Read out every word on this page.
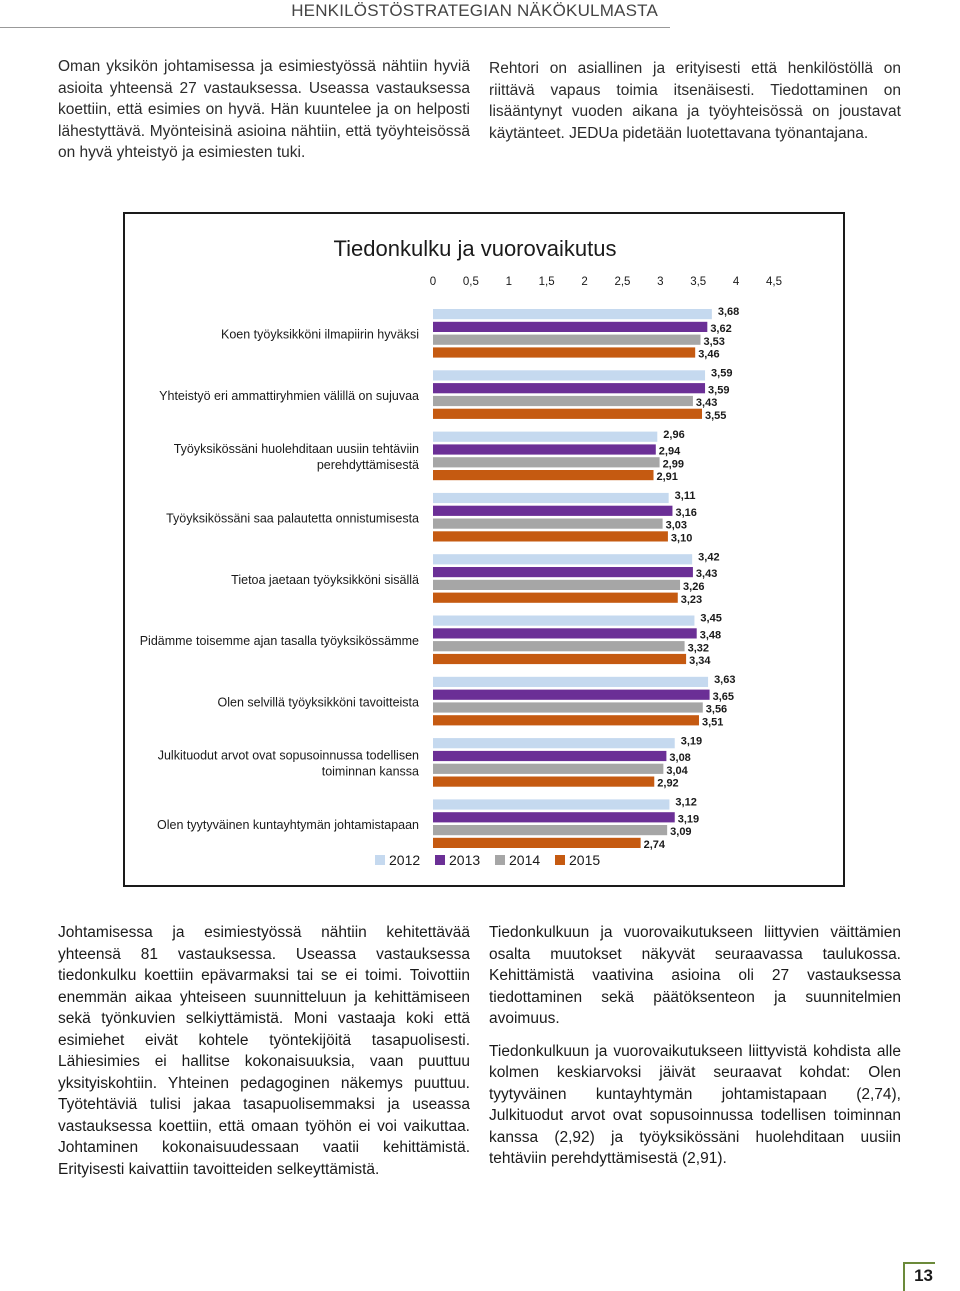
HENKILÖSTÖSTRATEGIAN NÄKÖKULMASTA

Oman yksikön johtamisessa ja esimiestyössä nähtiin hyviä asioita yhteensä 27 vastauksessa. Useassa vastauksessa koettiin, että esimies on hyvä. Hän kuuntelee ja on helposti lähestyttävä. Myönteisinä asioina nähtiin, että työyhteisössä on hyvä yhteistyö ja esimiesten tuki.

Rehtori on asiallinen ja erityisesti että henkilöstöllä on riittävä vapaus toimia itsenäisesti. Tiedottaminen on lisääntynyt vuoden aikana ja työyhteisössä on joustavat käytänteet. JEDUa pidetään luotettavana työnantajana.

Tiedonkulku ja vuorovaikutus
0 0,5 1 1,5 2 2,5 3 3,5 4 4,5
3,68
3,62
3,53
3,46
Koen työyksikköni ilmapiirin hyväksi
3,59
3,59
3,43
3,55
Yhteistyö eri ammattiryhmien välillä on sujuvaa
2,96
2,94
2,99
2,91
Työyksikössäni huolehditaan uusiin tehtäviin
perehdyttämisestä
3,11
3,16
3,03
3,10
Työyksikössäni saa palautetta onnistumisesta
3,42
3,43
3,26
3,23
Tietoa jaetaan työyksikköni sisällä
3,45
3,48
3,32
3,34
Pidämme toisemme ajan tasalla työyksikössämme
3,63
3,65
3,56
3,51
Olen selvillä työyksikköni tavoitteista
3,19
3,08
3,04
2,92
Julkituodut arvot ovat sopusoinnussa todellisen
toiminnan kanssa
3,12
3,19
3,09
2,74
Olen tyytyväinen kuntayhtymän johtamistapaan
2012 2013 2014 2015

Johtamisessa ja esimiestyössä nähtiin kehitettävää yhteensä 81 vastauksessa. Useassa vastauksessa tiedonkulku koettiin epävarmaksi tai se ei toimi. Toivottiin enemmän aikaa yhteiseen suunnitteluun ja kehittämiseen sekä työnkuvien selkiyttämistä. Moni vastaaja koki että esimiehet eivät kohtele työntekijöitä tasapuolisesti. Lähiesimies ei hallitse kokonaisuuksia, vaan puuttuu yksityiskohtiin. Yhteinen pedagoginen näkemys puuttuu. Työtehtäviä tulisi jakaa tasapuolisemmaksi ja useassa vastauksessa koettiin, että omaan työhön ei voi vaikuttaa. Johtaminen kokonaisuudessaan vaatii kehittämistä. Erityisesti kaivattiin tavoitteiden selkeyttämistä.

Tiedonkulkuun ja vuorovaikutukseen liittyvien väittämien osalta muutokset näkyvät seuraavassa taulukossa. Kehittämistä vaativina asioina oli 27 vastauksessa tiedottaminen sekä päätöksenteon ja suunnitelmien avoimuus.

Tiedonkulkuun ja vuorovaikutukseen liittyvistä kohdista alle kolmen keskiarvoksi jäivät seuraavat kohdat: Olen tyytyväinen kuntayhtymän johtamistapaan (2,74), Julkituodut arvot ovat sopusoinnussa todellisen toiminnan kanssa (2,92) ja työyksikössäni huolehditaan uusiin tehtäviin perehdyttämisestä (2,91).

13
